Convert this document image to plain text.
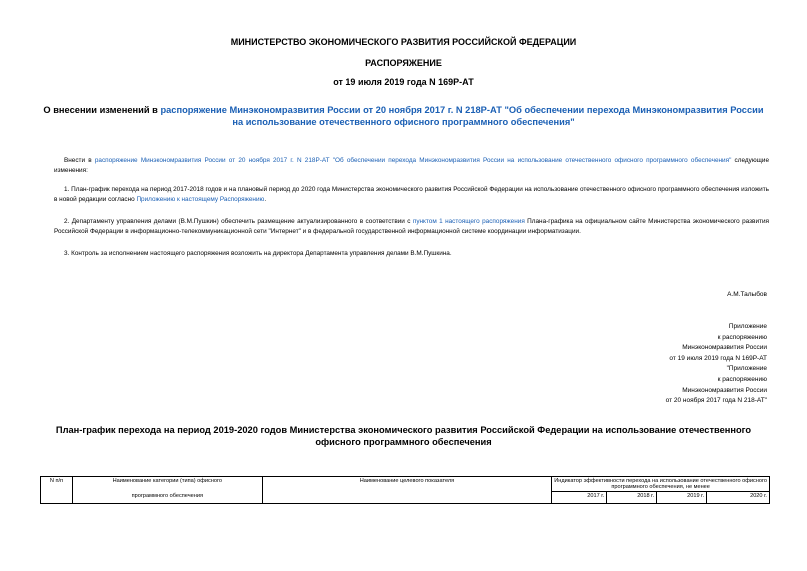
МИНИСТЕРСТВО ЭКОНОМИЧЕСКОГО РАЗВИТИЯ РОССИЙСКОЙ ФЕДЕРАЦИИ
РАСПОРЯЖЕНИЕ
от 19 июля 2019 года N 169Р-АТ
О внесении изменений в распоряжение Минэкономразвития России от 20 ноября 2017 г. N 218Р-АТ "Об обеспечении перехода Минэкономразвития России на использование отечественного офисного программного обеспечения"
Внести в распоряжение Минэкономразвития России от 20 ноября 2017 г. N 218Р-АТ "Об обеспечении перехода Минэкономразвития России на использование отечественного офисного программного обеспечения" следующие изменения:
1. План-график перехода на период 2017-2018 годов и на плановый период до 2020 года Министерства экономического развития Российской Федерации на использование отечественного офисного программного обеспечения изложить в новой редакции согласно Приложению к настоящему Распоряжению.
2. Департаменту управления делами (В.М.Пушкин) обеспечить размещение актуализированного в соответствии с пунктом 1 настоящего распоряжения Плана-графика на официальном сайте Министерства экономического развития Российской Федерации в информационно-телекоммуникационной сети "Интернет" и в федеральной государственной информационной системе координации информатизации.
3. Контроль за исполнением настоящего распоряжения возложить на директора Департамента управления делами В.М.Пушкина.
А.М.Талыбов
Приложение
к распоряжению
Минэкономразвития России
от 19 июля 2019 года N 169Р-АТ
"Приложение
к распоряжению
Минэкономразвития России
от 20 ноября 2017 года N 218-АТ"
План-график перехода на период 2019-2020 годов Министерства экономического развития Российской Федерации на использование отечественного офисного программного обеспечения
N п/п	Наименование категории (типа) офисного	Наименование целевого показателя	Индикатор эффективности перехода на использование отечественного офисного программного обеспечения, не менее			
	программного обеспечения		2017 г.	2018 г.	2019 г.	2020 г.
